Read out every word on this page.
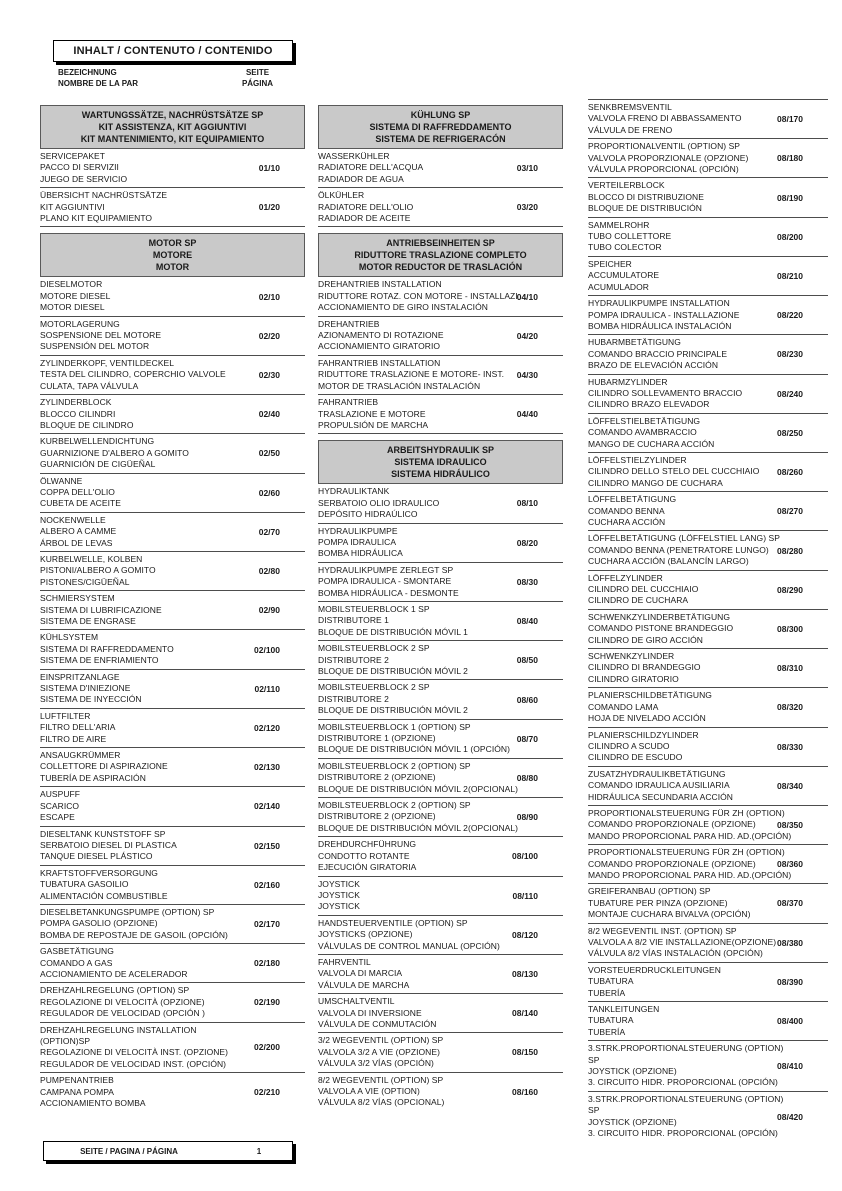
INHALT / CONTENUTO / CONTENIDO
BEZEICHNUNG
NOMBRE DE LA PAR
SEITE
PÁGINA
WARTUNGSSÄTZE, NACHRÜSTSÄTZE SP
KIT ASSISTENZA, KIT AGGIUNTIVI
KIT MANTENIMIENTO, KIT EQUIPAMIENTO
SERVICEPAKET
PACCO DI SERVIZII
JUEGO DE SERVICIO
01/10
ÜBERSICHT NACHRÜSTSÄTZE
KIT AGGIUNTIVI
PLANO KIT EQUIPAMIENTO
01/20
MOTOR SP
MOTORE
MOTOR
DIESELMOTOR
MOTORE DIESEL
MOTOR DIESEL
02/10
MOTORLAGERUNG
SOSPENSIONE DEL MOTORE
SUSPENSIÓN DEL MOTOR
02/20
ZYLINDERKOPF, VENTILDECKEL
TESTA DEL CILINDRO, COPERCHIO VALVOLE
CULATA, TAPA VÁLVULA
02/30
ZYLINDERBLOCK
BLOCCO CILINDRI
BLOQUE DE CILINDRO
02/40
KURBELWELLENDICHTUNG
GUARNIZIONE D'ALBERO A GOMITO
GUARNICIÓN DE CIGÜEÑAL
02/50
ÖLWANNE
COPPA DELL'OLIO
CUBETA DE ACEITE
02/60
NOCKENWELLE
ALBERO A CAMME
ÁRBOL DE LEVAS
02/70
KURBELWELLE, KOLBEN
PISTONI/ALBERO A GOMITO
PISTONES/CIGÜEÑAL
02/80
SCHMIERSYSTEM
SISTEMA DI LUBRIFICAZIONE
SISTEMA DE ENGRASE
02/90
KÜHLSYSTEM
SISTEMA DI RAFFREDDAMENTO
SISTEMA DE ENFRIAMIENTO
02/100
EINSPRITZANLAGE
SISTEMA D'INIEZIONE
SISTEMA DE INYECCIÓN
02/110
LUFTFILTER
FILTRO DELL'ARIA
FILTRO DE AIRE
02/120
ANSAUGKRÜMMER
COLLETTORE DI ASPIRAZIONE
TUBERÍA DE ASPIRACIÓN
02/130
AUSPUFF
SCARICO
ESCAPE
02/140
DIESELTANK KUNSTSTOFF SP
SERBATOIO DIESEL DI PLASTICA
TANQUE DIESEL PLÁSTICO
02/150
KRAFTSTOFFVERSORGUNG
TUBATURA GASOILIO
ALIMENTACIÓN COMBUSTIBLE
02/160
DIESELBETANKUNGSPUMPE (OPTION) SP
POMPA GASOLIO (OPZIONE)
BOMBA DE REPOSTAJE DE GASOIL (OPCIÓN)
02/170
GASBETÄTIGUNG
COMANDO A GAS
ACCIONAMIENTO DE ACELERADOR
02/180
DREHZAHLREGELUNG (OPTION) SP
REGOLAZIONE DI VELOCITÀ (OPZIONE)
REGULADOR DE VELOCIDAD (OPCIÓN )
02/190
DREHZAHLREGELUNG INSTALLATION
(OPTION)SP
REGOLAZIONE DI VELOCITÀ INST. (OPZIONE)
REGULADOR DE VELOCIDAD INST. (OPCIÓN)
02/200
PUMPENANTRIEB
CAMPANA POMPA
ACCIONAMIENTO BOMBA
02/210
KÜHLUNG SP
SISTEMA DI RAFFREDDAMENTO
SISTEMA DE REFRIGERACÓN
WASSERKÜHLER
RADIATORE DELL'ACQUA
RADIADOR DE AGUA
03/10
ÖLKÜHLER
RADIATORE DELL'OLIO
RADIADOR DE ACEITE
03/20
ANTRIEBSEINHEITEN SP
RIDUTTORE TRASLAZIONE COMPLETO
MOTOR REDUCTOR DE TRASLACIÓN
DREHANTRIEB INSTALLATION
RIDUTTORE ROTAZ. CON MOTORE - INSTALLAZI
ACCIONAMIENTO DE GIRO INSTALACIÓN
04/10
DREHANTRIEB
AZIONAMENTO DI ROTAZIONE
ACCIONAMIENTO GIRATORIO
04/20
FAHRANTRIEB INSTALLATION
RIDUTTORE TRASLAZIONE E MOTORE- INST.
MOTOR DE TRASLACIÓN INSTALACIÓN
04/30
FAHRANTRIEB
TRASLAZIONE E MOTORE
PROPULSIÓN DE MARCHA
04/40
ARBEITSHYDRAULIK SP
SISTEMA IDRAULICO
SISTEMA HIDRÁULICO
HYDRAULIKTANK
SERBATOIO OLIO IDRAULICO
DEPÓSITO HIDRAÚLICO
08/10
HYDRAULIKPUMPE
POMPA IDRAULICA
BOMBA HIDRÁULICA
08/20
HYDRAULIKPUMPE ZERLEGT SP
POMPA IDRAULICA - SMONTARE
BOMBA HIDRÁULICA - DESMONTE
08/30
MOBILSTEUERBLOCK 1 SP
DISTRIBUTORE 1
BLOQUE DE DISTRIBUCIÓN MÓVIL 1
08/40
MOBILSTEUERBLOCK 2 SP
DISTRIBUTORE 2
BLOQUE DE DISTRIBUCIÓN MÓVIL 2
08/50
MOBILSTEUERBLOCK 2 SP
DISTRIBUTORE 2
BLOQUE DE DISTRIBUCIÓN MÓVIL 2
08/60
MOBILSTEUERBLOCK 1 (OPTION) SP
DISTRIBUTORE 1 (OPZIONE)
BLOQUE DE DISTRIBUCIÓN MÓVIL 1 (OPCIÓN)
08/70
MOBILSTEUERBLOCK 2 (OPTION) SP
DISTRIBUTORE 2 (OPZIONE)
BLOQUE DE DISTRIBUCIÓN MÓVIL 2(OPCIONAL)
08/80
MOBILSTEUERBLOCK 2 (OPTION) SP
DISTRIBUTORE 2 (OPZIONE)
BLOQUE DE DISTRIBUCIÓN MÓVIL 2(OPCIONAL)
08/90
DREHDURCHFÜHRUNG
CONDOTTO ROTANTE
EJECUCIÓN GIRATORIA
08/100
JOYSTICK
JOYSTICK
JOYSTICK
08/110
HANDSTEUERVENTILE (OPTION) SP
JOYSTICKS (OPZIONE)
VÁLVULAS DE CONTROL MANUAL (OPCIÓN)
08/120
FAHRVENTIL
VALVOLA DI MARCIA
VÁLVULA DE MARCHA
08/130
UMSCHALTVENTIL
VALVOLA DI INVERSIONE
VÁLVULA DE CONMUTACIÓN
08/140
3/2 WEGEVENTIL (OPTION) SP
VALVOLA 3/2 A VIE (OPZIONE)
VÁLVULA 3/2 VÍAS (OPCIÓN)
08/150
8/2 WEGEVENTIL (OPTION) SP
VALVOLA A VIE (OPTION)
VÁLVULA 8/2 VÍAS (OPCIONAL)
08/160
SENKBREMSVENTIL
VALVOLA FRENO DI ABBASSAMENTO
VÁLVULA DE FRENO
08/170
PROPORTIONALVENTIL (OPTION) SP
VALVOLA PROPORZIONALE (OPZIONE)
VÁLVULA PROPORCIONAL (OPCIÓN)
08/180
VERTEILERBLOCK
BLOCCO DI DISTRIBUZIONE
BLOQUE DE DISTRIBUCIÓN
08/190
SAMMELROHR
TUBO COLLETTORE
TUBO COLECTOR
08/200
SPEICHER
ACCUMULATORE
ACUMULADOR
08/210
HYDRAULIKPUMPE INSTALLATION
POMPA IDRAULICA - INSTALLAZIONE
BOMBA HIDRÁULICA INSTALACIÓN
08/220
HUBARMBETÄTIGUNG
COMANDO BRACCIO PRINCIPALE
BRAZO DE ELEVACIÓN ACCIÓN
08/230
HUBARMZYLINDER
CILINDRO SOLLEVAMENTO BRACCIO
CILINDRO BRAZO ELEVADOR
08/240
LÖFFELSTIELBETÄTIGUNG
COMANDO AVAMBRACCIO
MANGO DE CUCHARA ACCIÓN
08/250
LÖFFELSTIELZYLINDER
CILINDRO DELLO STELO DEL CUCCHIAIO
CILINDRO MANGO DE CUCHARA
08/260
LÖFFELBETÄTIGUNG
COMANDO BENNA
CUCHARA ACCIÓN
08/270
LÖFFELBETÄTIGUNG (LÖFFELSTIEL LANG) SP
COMANDO BENNA (PENETRATORE LUNGO)
CUCHARA ACCIÓN (BALANCÍN LARGO)
08/280
LÖFFELZYLINDER
CILINDRO DEL CUCCHIAIO
CILINDRO DE CUCHARA
08/290
SCHWENKZYLINDERBETÄTIGUNG
COMANDO PISTONE BRANDEGGIO
CILINDRO DE GIRO ACCIÓN
08/300
SCHWENKZYLINDER
CILINDRO DI BRANDEGGIO
CILINDRO GIRATORIO
08/310
PLANIERSCHILDBETÄTIGUNG
COMANDO LAMA
HOJA DE NIVELADO ACCIÓN
08/320
PLANIERSCHILDZYLINDER
CILINDRO A SCUDO
CILINDRO DE ESCUDO
08/330
ZUSATZHYDRAULIKBETÄTIGUNG
COMANDO IDRAULICA AUSILIARIA
HIDRÁULICA SECUNDARIA ACCIÓN
08/340
PROPORTIONALSTEUERUNG FÜR ZH (OPTION)
COMANDO PROPORZIONALE (OPZIONE)
MANDO PROPORCIONAL PARA HID. AD.(OPCIÓN)
08/350
PROPORTIONALSTEUERUNG FÜR ZH (OPTION)
COMANDO PROPORZIONALE (OPZIONE)
MANDO PROPORCIONAL PARA HID. AD.(OPCIÓN)
08/360
GREIFERANBAU (OPTION) SP
TUBATURE PER PINZA (OPZIONE)
MONTAJE CUCHARA BIVALVA (OPCIÓN)
08/370
8/2 WEGEVENTIL INST. (OPTION) SP
VALVOLA A 8/2 VIE INSTALLAZIONE(OPZIONE)
VÁLVULA 8/2 VÍAS INSTALACIÓN (OPCIÓN)
08/380
VORSTEUERDRUCKLEITUNGEN
TUBATURA
TUBERÍA
08/390
TANKLEITUNGEN
TUBATURA
TUBERÍA
08/400
3.STRK.PROPORTIONALSTEUERUNG (OPTION)
SP
JOYSTICK (OPZIONE)
3. CIRCUITO HIDR. PROPORCIONAL (OPCIÓN)
08/410
3.STRK.PROPORTIONALSTEUERUNG (OPTION)
SP
JOYSTICK (OPZIONE)
3. CIRCUITO HIDR. PROPORCIONAL (OPCIÓN)
08/420
SEITE / PAGINA / PÁGINA	1
